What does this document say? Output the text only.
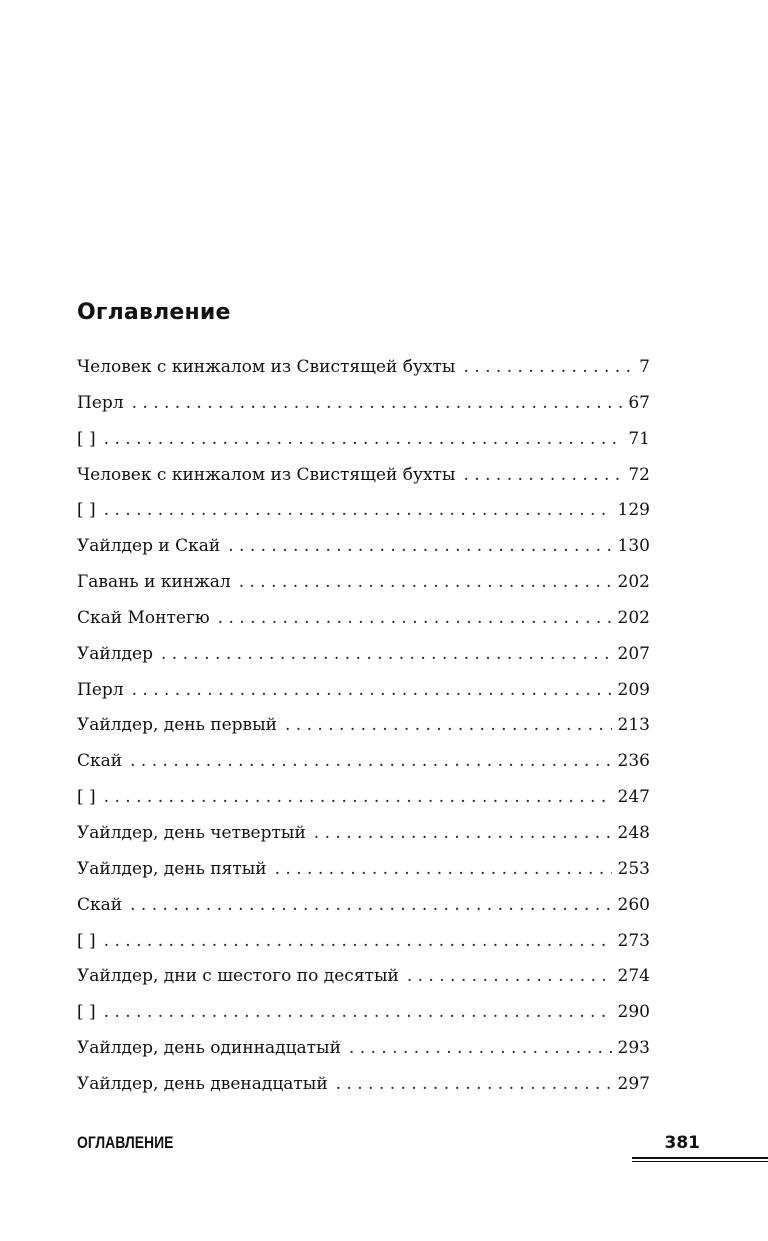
Оглавление
Человек с кинжалом из Свистящей бухты . . .	7
Перл . . .	67
[ ] . . .	71
Человек с кинжалом из Свистящей бухты . . .	72
[ ] . . .	129
Уайлдер и Скай . . .	130
Гавань и кинжал . . .	202
Скай Монтегю . . .	202
Уайлдер . . .	207
Перл . . .	209
Уайлдер, день первый . . .	213
Скай . . .	236
[ ] . . .	247
Уайлдер, день четвертый . . .	248
Уайлдер, день пятый . . .	253
Скай . . .	260
[ ] . . .	273
Уайлдер, дни с шестого по десятый . . .	274
[ ] . . .	290
Уайлдер, день одиннадцатый . . .	293
Уайлдер, день двенадцатый . . .	297
ОГЛАВЛЕНИЕ	381
